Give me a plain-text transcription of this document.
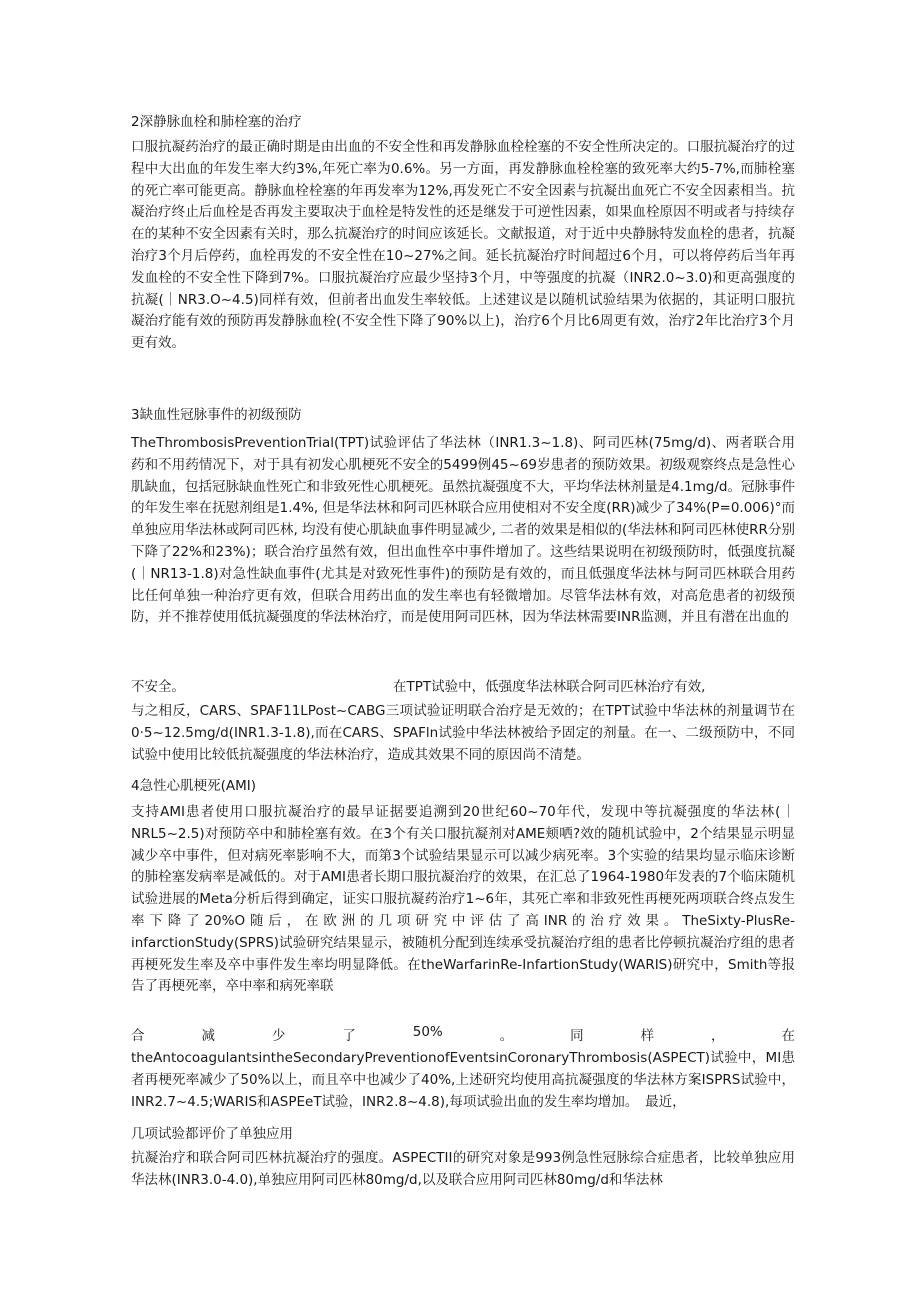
2深静脉血栓和肺栓塞的治疗

口服抗凝药治疗的最正确时期是由出血的不安全性和再发静脉血栓栓塞的不安全性所决定的。口服抗凝治疗的过程中大出血的年发生率大约3%,年死亡率为0.6%。另一方面，再发静脉血栓栓塞的致死率大约5-7%,而肺栓塞的死亡率可能更高。静脉血栓栓塞的年再发率为12%,再发死亡不安全因素与抗凝出血死亡不安全因素相当。抗凝治疗终止后血栓是否再发主要取决于血栓是特发性的还是继发于可逆性因素，如果血栓原因不明或者与持续存在的某种不安全因素有关时，那么抗凝治疗的时间应该延长。文献报道，对于近中央静脉特发血栓的患者，抗凝治疗3个月后停药，血栓再发的不安全性在10~27%之间。延长抗凝治疗时间超过6个月，可以将停药后当年再发血栓的不安全性下降到7%。口服抗凝治疗应最少坚持3个月，中等强度的抗凝（INR2.0~3.0)和更高强度的抗凝(｜NR3.O~4.5)同样有效，但前者出血发生率较低。上述建议是以随机试验结果为依据的，其证明口服抗凝治疗能有效的预防再发静脉血栓(不安全性下降了90%以上)，治疗6个月比6周更有效，治疗2年比治疗3个月更有效。

3缺血性冠脉事件的初级预防

TheThrombosisPreventionTrial(TPT)试验评估了华法林（INR1.3~1.8)、阿司匹林(75mg/d)、两者联合用药和不用药情况下，对于具有初发心肌梗死不安全的5499例45~69岁患者的预防效果。初级观察终点是急性心肌缺血，包括冠脉缺血性死亡和非致死性心肌梗死。虽然抗凝强度不大，平均华法林剂量是4.1mg/d。冠脉事件的年发生率在抚慰剂组是1.4%, 但是华法林和阿司匹林联合应用使相对不安全度(RR)减少了34%(P=0.006)°而单独应用华法林或阿司匹林, 均没有使心肌缺血事件明显减少, 二者的效果是相似的(华法林和阿司匹林使RR分别下降了22%和23%)；联合治疗虽然有效，但出血性卒中事件增加了。这些结果说明在初级预防时，低强度抗凝(｜NR13-1.8)对急性缺血事件(尤其是对致死性事件)的预防是有效的，而且低强度华法林与阿司匹林联合用药比任何单独一种治疗更有效，但联合用药出血的发生率也有轻微增加。尽管华法林有效，对高危患者的初级预防，并不推荐使用低抗凝强度的华法林治疗，而是使用阿司匹林，因为华法林需要INR监测，并且有潜在出血的

不安全。	在TPT试验中，低强度华法林联合阿司匹林治疗有效,

与之相反，CARS、SPAF11LPost~CABG三项试验证明联合治疗是无效的；在TPT试验中华法林的剂量调节在0·5~12.5mg/d(INR1.3-1.8),而在CARS、SPAFln试验中华法林被给予固定的剂量。在一、二级预防中，不同试验中使用比较低抗凝强度的华法林治疗，造成其效果不同的原因尚不清楚。

4急性心肌梗死(AMI)

支持AMI患者使用口服抗凝治疗的最早证据要追溯到20世纪60~70年代，发现中等抗凝强度的华法林(｜NRL5~2.5)对预防卒中和肺栓塞有效。在3个有关口服抗凝剂对AME颊哂?效的随机试验中，2个结果显示明显减少卒中事件，但对病死率影响不大，而第3个试验结果显示可以减少病死率。3个实验的结果均显示临床诊断的肺栓塞发病率是减低的。对于AMI患者长期口服抗凝治疗的效果，在汇总了1964-1980年发表的7个临床随机试验进展的Meta分析后得到确定，证实口服抗凝药治疗1~6年，其死亡率和非致死性再梗死两项联合终点发生率下降了20%O随后，在欧洲的几项研究中评估了高INR的治疗效果。TheSixty-PlusRe-infarctionStudy(SPRS)试验研究结果显示，被随机分配到连续承受抗凝治疗组的患者比停顿抗凝治疗组的患者再梗死发生率及卒中事件发生率均明显降低。在theWarfarinRe-InfartionStudy(WARIS)研究中，Smith等报告了再梗死率，卒中率和病死率联

合	减	少	了	50%	。	同	样	，	在

theAntocoagulantsintheSecondaryPreventionofEventsinCoronaryThrombosis(ASPECT)试验中，MI患者再梗死率减少了50%以上，而且卒中也减少了40%,上述研究均使用高抗凝强度的华法林方案ISPRS试验中，INR2.7~4.5;WARIS和ASPEeT试验，INR2.8~4.8),每项试验出血的发生率均增加。　最近，

几项试验都评价了单独应用

抗凝治疗和联合阿司匹林抗凝治疗的强度。ASPECTII的研究对象是993例急性冠脉综合症患者，比较单独应用华法林(INR3.0-4.0),单独应用阿司匹林80mg/d,以及联合应用阿司匹林80mg/d和华法林
